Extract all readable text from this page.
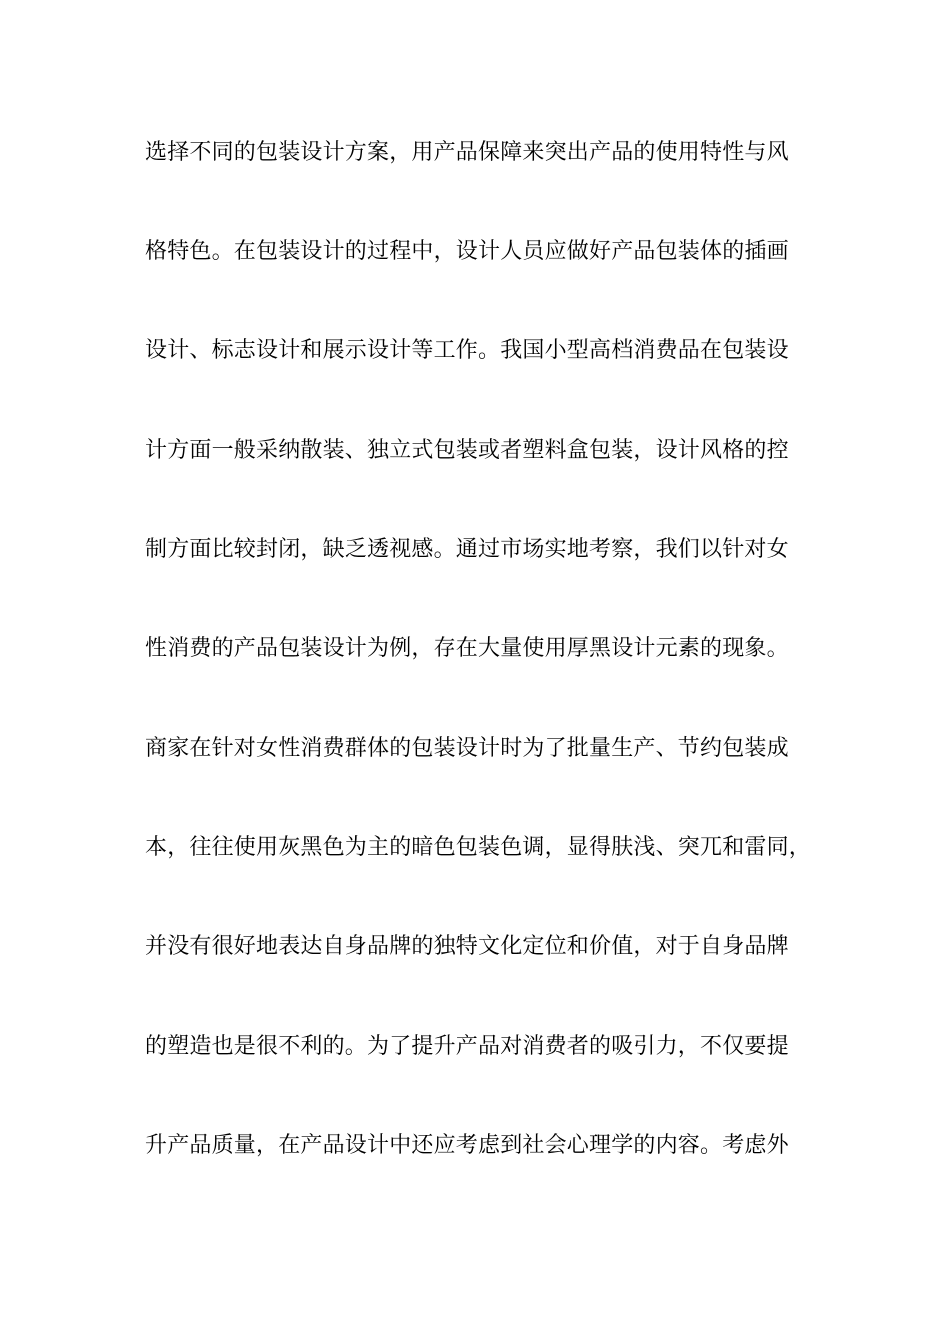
选择不同的包装设计方案，用产品保障来突出产品的使用特性与风
格特色。在包装设计的过程中，设计人员应做好产品包装体的插画
设计、标志设计和展示设计等工作。我国小型高档消费品在包装设
计方面一般采纳散装、独立式包装或者塑料盒包装，设计风格的控
制方面比较封闭，缺乏透视感。通过市场实地考察，我们以针对女
性消费的产品包装设计为例，存在大量使用厚黑设计元素的现象。
商家在针对女性消费群体的包装设计时为了批量生产、节约包装成
本，往往使用灰黑色为主的暗色包装色调，显得肤浅、突兀和雷同，
并没有很好地表达自身品牌的独特文化定位和价值，对于自身品牌
的塑造也是很不利的。为了提升产品对消费者的吸引力，不仅要提
升产品质量，在产品设计中还应考虑到社会心理学的内容。考虑外
